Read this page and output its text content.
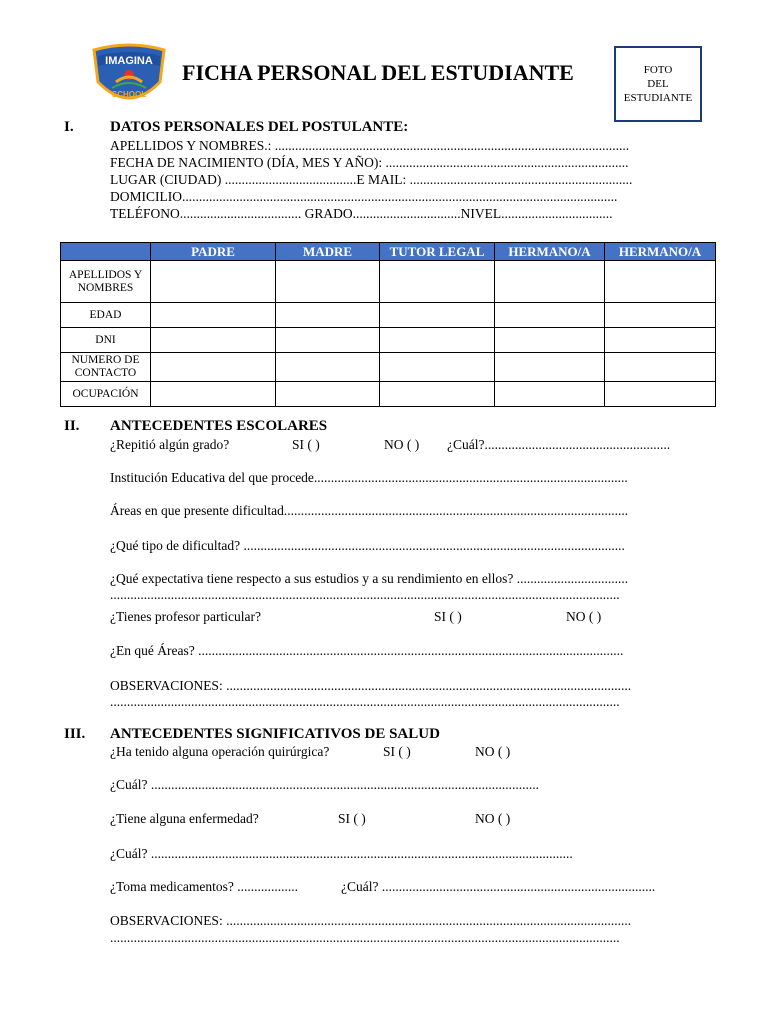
IMAGINA
SCHOOL
FICHA PERSONAL DEL ESTUDIANTE	FOTO
DEL
ESTUDIANTE
I. DATOS PERSONALES DEL POSTULANTE:
APELLIDOS Y NOMBRES.: .........................................................................................................
FECHA DE NACIMIENTO (DÍA, MES Y AÑO): ........................................................................
LUGAR (CIUDAD) .......................................E MAIL: ..................................................................
DOMICILIO.................................................................................................................................
TELÉFONO.................................... GRADO................................NIVEL.................................
	PADRE	MADRE	TUTOR LEGAL	HERMANO/A	HERMANO/A
APELLIDOS Y NOMBRES					
EDAD					
DNI					
NUMERO DE CONTACTO					
OCUPACIÓN					
II. ANTECEDENTES ESCOLARES
¿Repitió algún grado?	SI ( )	NO ( ) ¿Cuál?.......................................................
Institución Educativa del que procede.............................................................................................
Áreas en que presente dificultad......................................................................................................
¿Qué tipo de dificultad? .................................................................................................................
¿Qué expectativa tiene respecto a sus estudios y a su rendimiento en ellos? .................................
.......................................................................................................................................................
¿Tienes profesor particular?	SI ( )	NO ( )
¿En qué Áreas? ..............................................................................................................................
OBSERVACIONES: ........................................................................................................................
.......................................................................................................................................................
III. ANTECEDENTES SIGNIFICATIVOS DE SALUD
¿Ha tenido alguna operación quirúrgica?	SI ( )	NO ( )
¿Cuál? ...................................................................................................................
¿Tiene alguna enfermedad?	SI ( )	NO ( )
¿Cuál? .............................................................................................................................
¿Toma medicamentos? ..................	¿Cuál? .................................................................................
OBSERVACIONES: ........................................................................................................................
.......................................................................................................................................................
